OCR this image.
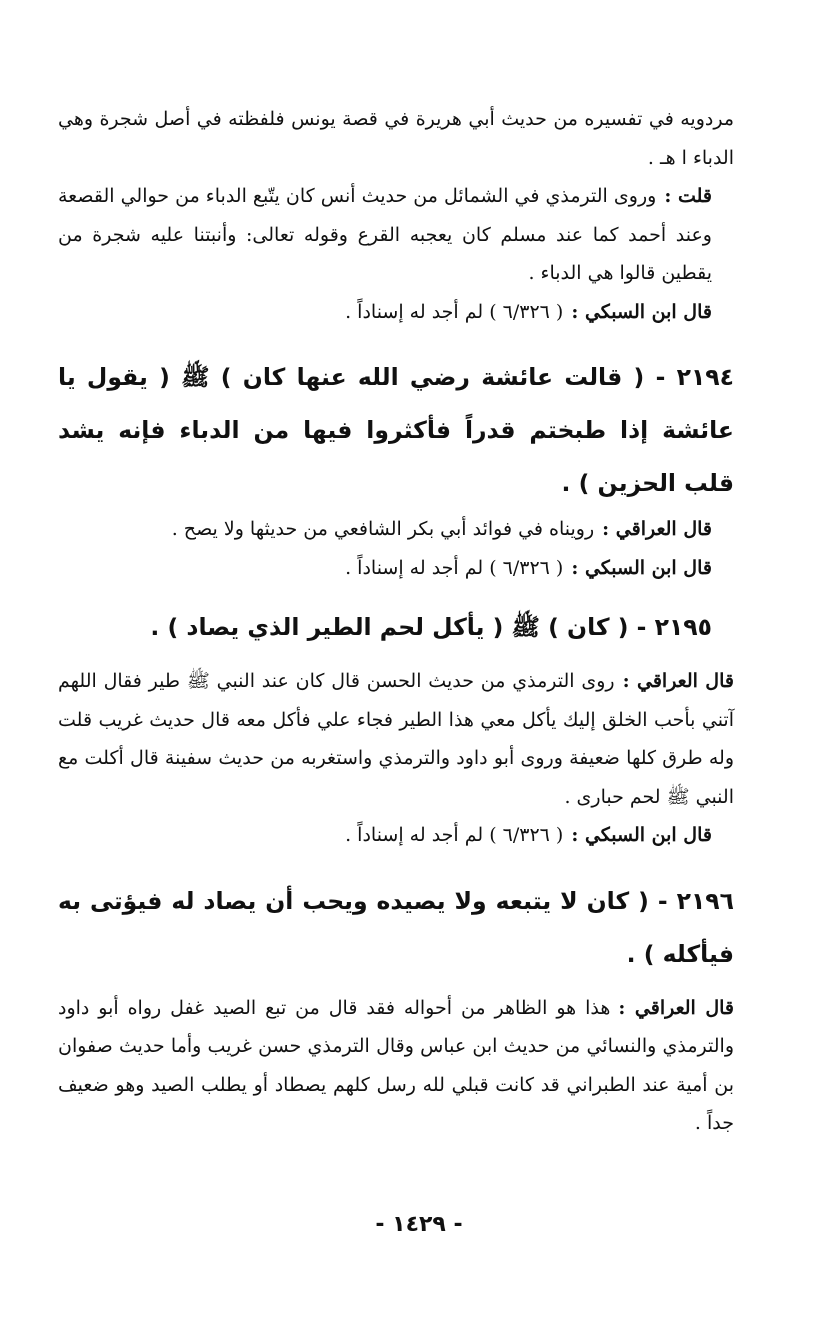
مردويه في تفسيره من حديث أبي هريرة في قصة يونس فلفظته في أصل شجرة وهي الدباء ا هـ .

قلت :وروى الترمذي في الشمائل من حديث أنس كان يتّبع الدباء من حوالي القصعة وعند أحمد كما عند مسلم كان يعجبه القرع وقوله تعالى: وأنبتنا عليه شجرة من يقطين قالوا هي الدباء .

قال ابن السبكي :( ٦/٣٢٦ ) لم أجد له إسناداً .

٢١٩٤ - ( قالت عائشة رضي الله عنها كان ) ﷺ ( يقول يا عائشة إذا طبختم قدراً فأكثروا فيها من الدباء فإنه يشد قلب الحزين ) .

قال العراقي :رويناه في فوائد أبي بكر الشافعي من حديثها ولا يصح .

قال ابن السبكي :( ٦/٣٢٦ ) لم أجد له إسناداً .

٢١٩٥ - ( كان ) ﷺ ( يأكل لحم الطير الذي يصاد ) .

قال العراقي :روى الترمذي من حديث الحسن قال كان عند النبي ﷺ طير فقال اللهم آتني بأحب الخلق إليك يأكل معي هذا الطير فجاء علي فأكل معه قال حديث غريب قلت وله طرق كلها ضعيفة وروى أبو داود والترمذي واستغربه من حديث سفينة قال أكلت مع النبي ﷺ لحم حبارى .

قال ابن السبكي :( ٦/٣٢٦ ) لم أجد له إسناداً .

٢١٩٦ - ( كان لا يتبعه ولا يصيده ويحب أن يصاد له فيؤتى به فيأكله ) .

قال العراقي :هذا هو الظاهر من أحواله فقد قال من تبع الصيد غفل رواه أبو داود والترمذي والنسائي من حديث ابن عباس وقال الترمذي حسن غريب وأما حديث صفوان بن أمية عند الطبراني قد كانت قبلي لله رسل كلهم يصطاد أو يطلب الصيد وهو ضعيف جداً .

- ١٤٢٩ -
